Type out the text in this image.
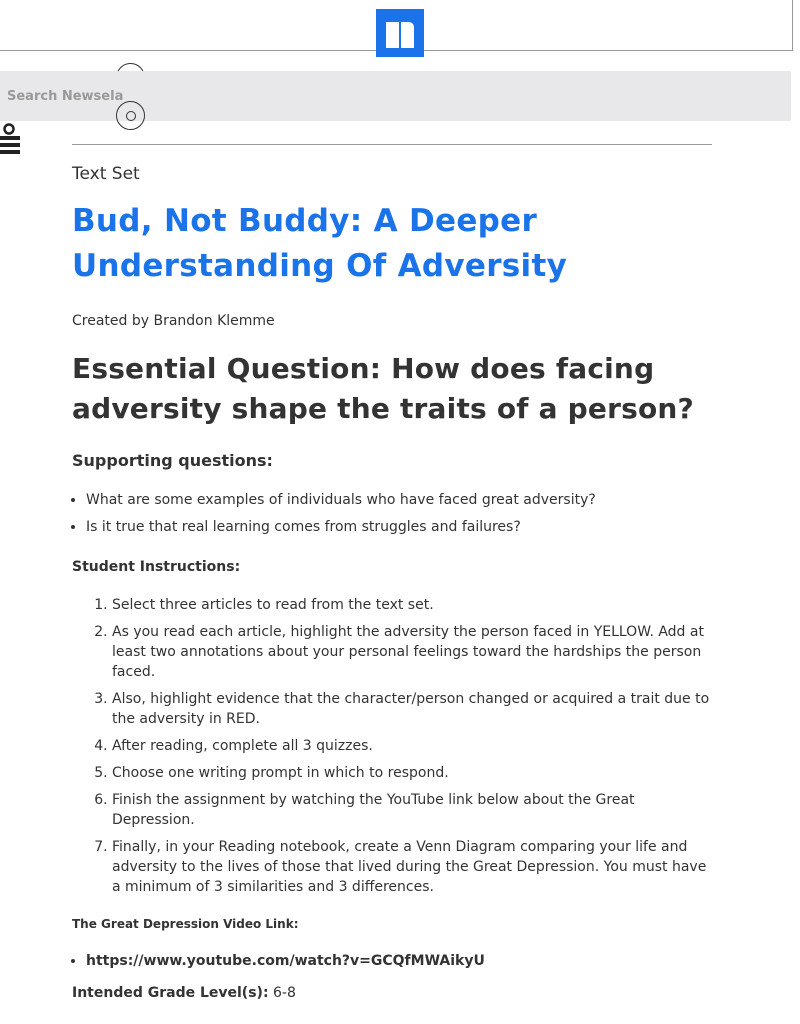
Search Newsela
Text Set
Bud, Not Buddy: A Deeper Understanding Of Adversity
Created by Brandon Klemme
Essential Question: How does facing adversity shape the traits of a person?
Supporting questions:
• What are some examples of individuals who have faced great adversity?
• Is it true that real learning comes from struggles and failures?
Student Instructions:
1. Select three articles to read from the text set.
2. As you read each article, highlight the adversity the person faced in YELLOW. Add at least two annotations about your personal feelings toward the hardships the person faced.
3. Also, highlight evidence that the character/person changed or acquired a trait due to the adversity in RED.
4. After reading, complete all 3 quizzes.
5. Choose one writing prompt in which to respond.
6. Finish the assignment by watching the YouTube link below about the Great Depression.
7. Finally, in your Reading notebook, create a Venn Diagram comparing your life and adversity to the lives of those that lived during the Great Depression. You must have a minimum of 3 similarities and 3 differences.
The Great Depression Video Link:
• https://www.youtube.com/watch?v=GCQfMWAikyU
Intended Grade Level(s): 6-8
